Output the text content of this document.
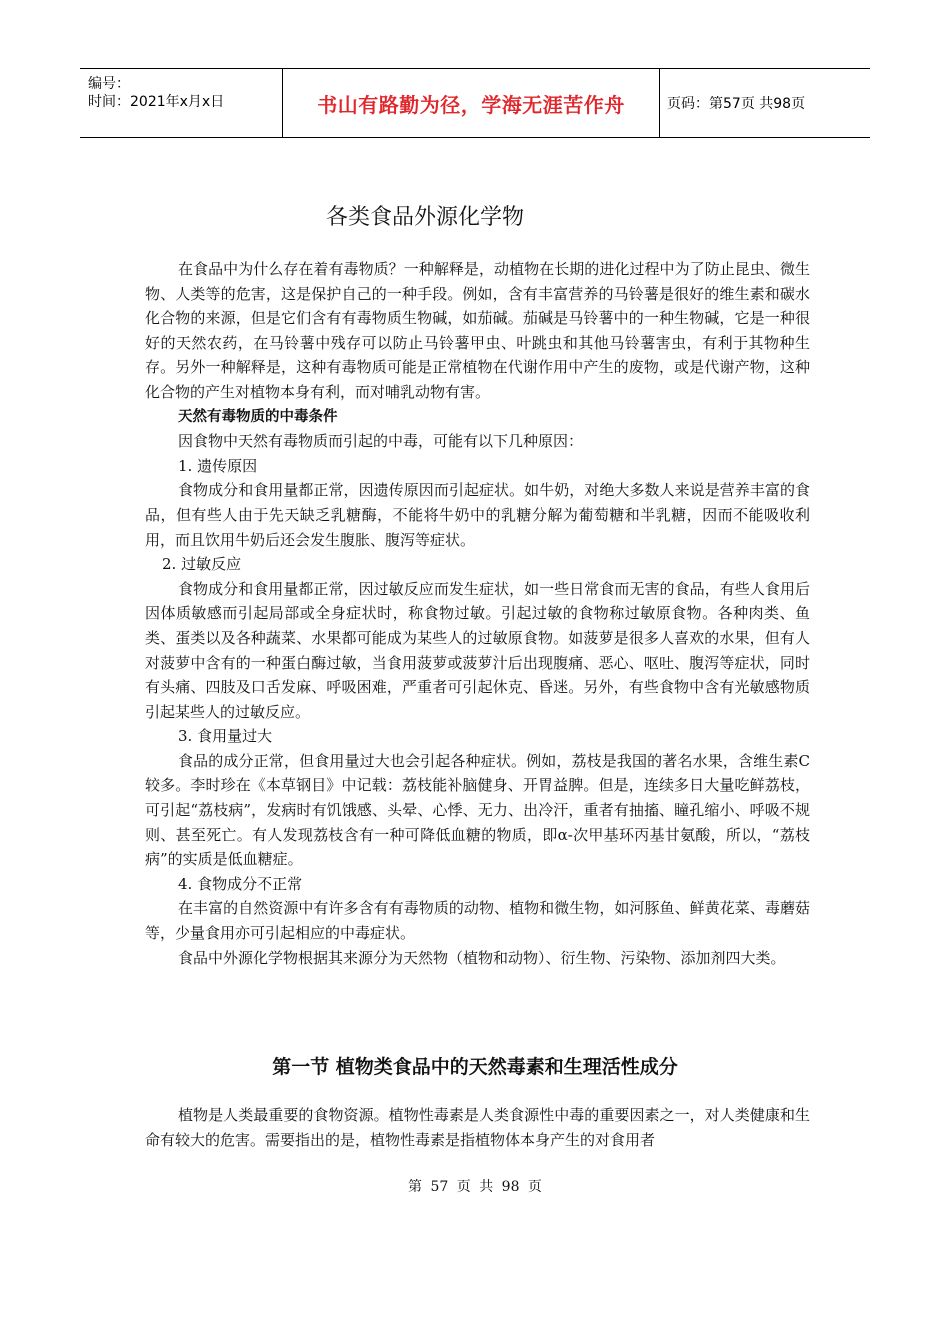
编号：
时间：2021年x月x日	书山有路勤为径，学海无涯苦作舟	页码：第57页 共98页
各类食品外源化学物

在食品中为什么存在着有毒物质？一种解释是，动植物在长期的进化过程中为了防止昆虫、微生物、人类等的危害，这是保护自己的一种手段。例如，含有丰富营养的马铃薯是很好的维生素和碳水化合物的来源，但是它们含有有毒物质生物碱，如茄碱。茄碱是马铃薯中的一种生物碱，它是一种很好的天然农药，在马铃薯中残存可以防止马铃薯甲虫、叶跳虫和其他马铃薯害虫，有利于其物种生存。另外一种解释是，这种有毒物质可能是正常植物在代谢作用中产生的废物，或是代谢产物，这种化合物的产生对植物本身有利，而对哺乳动物有害。

天然有毒物质的中毒条件

因食物中天然有毒物质而引起的中毒，可能有以下几种原因：

1. 遗传原因

食物成分和食用量都正常，因遗传原因而引起症状。如牛奶，对绝大多数人来说是营养丰富的食品，但有些人由于先天缺乏乳糖酶，不能将牛奶中的乳糖分解为葡萄糖和半乳糖，因而不能吸收利用，而且饮用牛奶后还会发生腹胀、腹泻等症状。

2. 过敏反应

食物成分和食用量都正常，因过敏反应而发生症状，如一些日常食而无害的食品，有些人食用后因体质敏感而引起局部或全身症状时，称食物过敏。引起过敏的食物称过敏原食物。各种肉类、鱼类、蛋类以及各种蔬菜、水果都可能成为某些人的过敏原食物。如菠萝是很多人喜欢的水果，但有人对菠萝中含有的一种蛋白酶过敏，当食用菠萝或菠萝汁后出现腹痛、恶心、呕吐、腹泻等症状，同时有头痛、四肢及口舌发麻、呼吸困难，严重者可引起休克、昏迷。另外，有些食物中含有光敏感物质引起某些人的过敏反应。

3. 食用量过大

食品的成分正常，但食用量过大也会引起各种症状。例如，荔枝是我国的著名水果，含维生素C较多。李时珍在《本草钢目》中记载：荔枝能补脑健身、开胃益脾。但是，连续多日大量吃鲜荔枝，可引起“荔枝病”，发病时有饥饿感、头晕、心悸、无力、出冷汗，重者有抽搐、瞳孔缩小、呼吸不规则、甚至死亡。有人发现荔枝含有一种可降低血糖的物质，即α-次甲基环丙基甘氨酸，所以，“荔枝病”的实质是低血糖症。

4. 食物成分不正常

在丰富的自然资源中有许多含有有毒物质的动物、植物和微生物，如河豚鱼、鲜黄花菜、毒蘑菇等，少量食用亦可引起相应的中毒症状。

食品中外源化学物根据其来源分为天然物（植物和动物）、衍生物、污染物、添加剂四大类。

第一节 植物类食品中的天然毒素和生理活性成分

植物是人类最重要的食物资源。植物性毒素是人类食源性中毒的重要因素之一，对人类健康和生命有较大的危害。需要指出的是，植物性毒素是指植物体本身产生的对食用者

第 57 页 共 98 页
